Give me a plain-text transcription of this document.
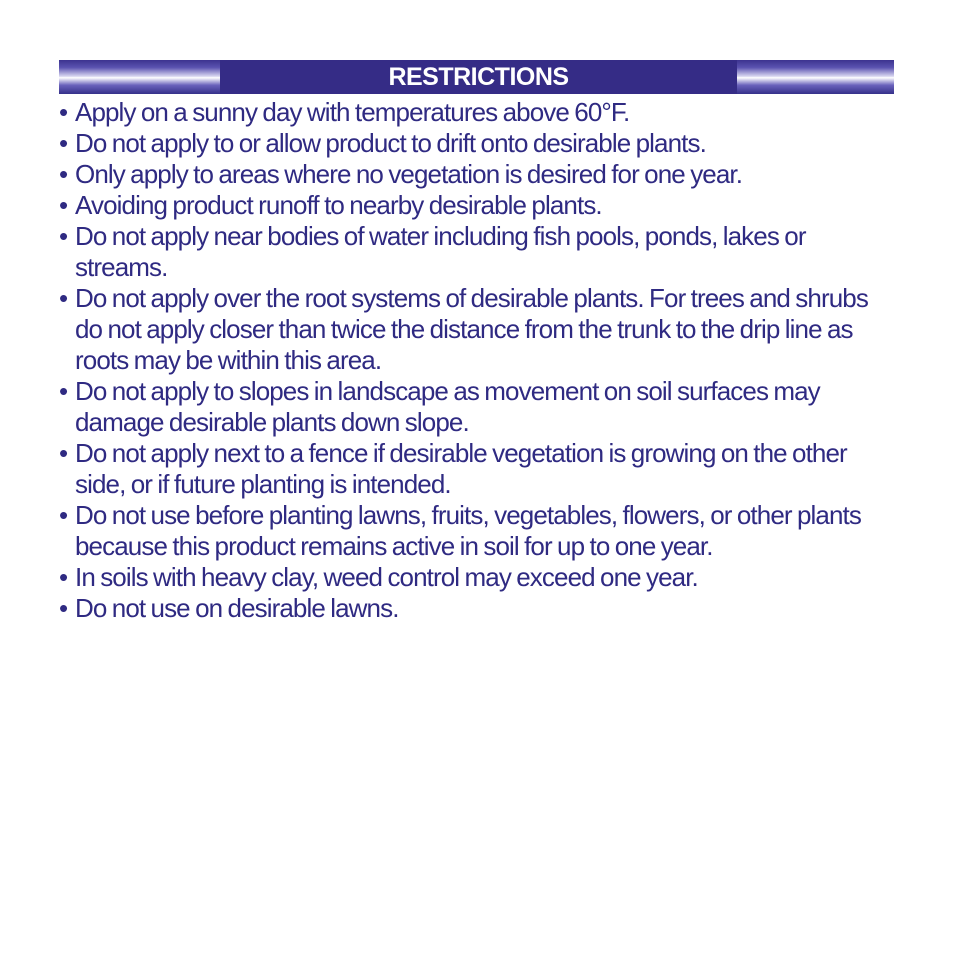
RESTRICTIONS
• Apply on a sunny day with temperatures above 60°F.
• Do not apply to or allow product to drift onto desirable plants.
• Only apply to areas where no vegetation is desired for one year.
• Avoiding product runoff to nearby desirable plants.
• Do not apply near bodies of water including fish pools, ponds, lakes or streams.
• Do not apply over the root systems of desirable plants. For trees and shrubs do not apply closer than twice the distance from the trunk to the drip line as roots may be within this area.
• Do not apply to slopes in landscape as movement on soil surfaces may damage desirable plants down slope.
• Do not apply next to a fence if desirable vegetation is growing on the other side, or if future planting is intended.
• Do not use before planting lawns, fruits, vegetables, flowers, or other plants because this product remains active in soil for up to one year.
• In soils with heavy clay, weed control may exceed one year.
• Do not use on desirable lawns.
